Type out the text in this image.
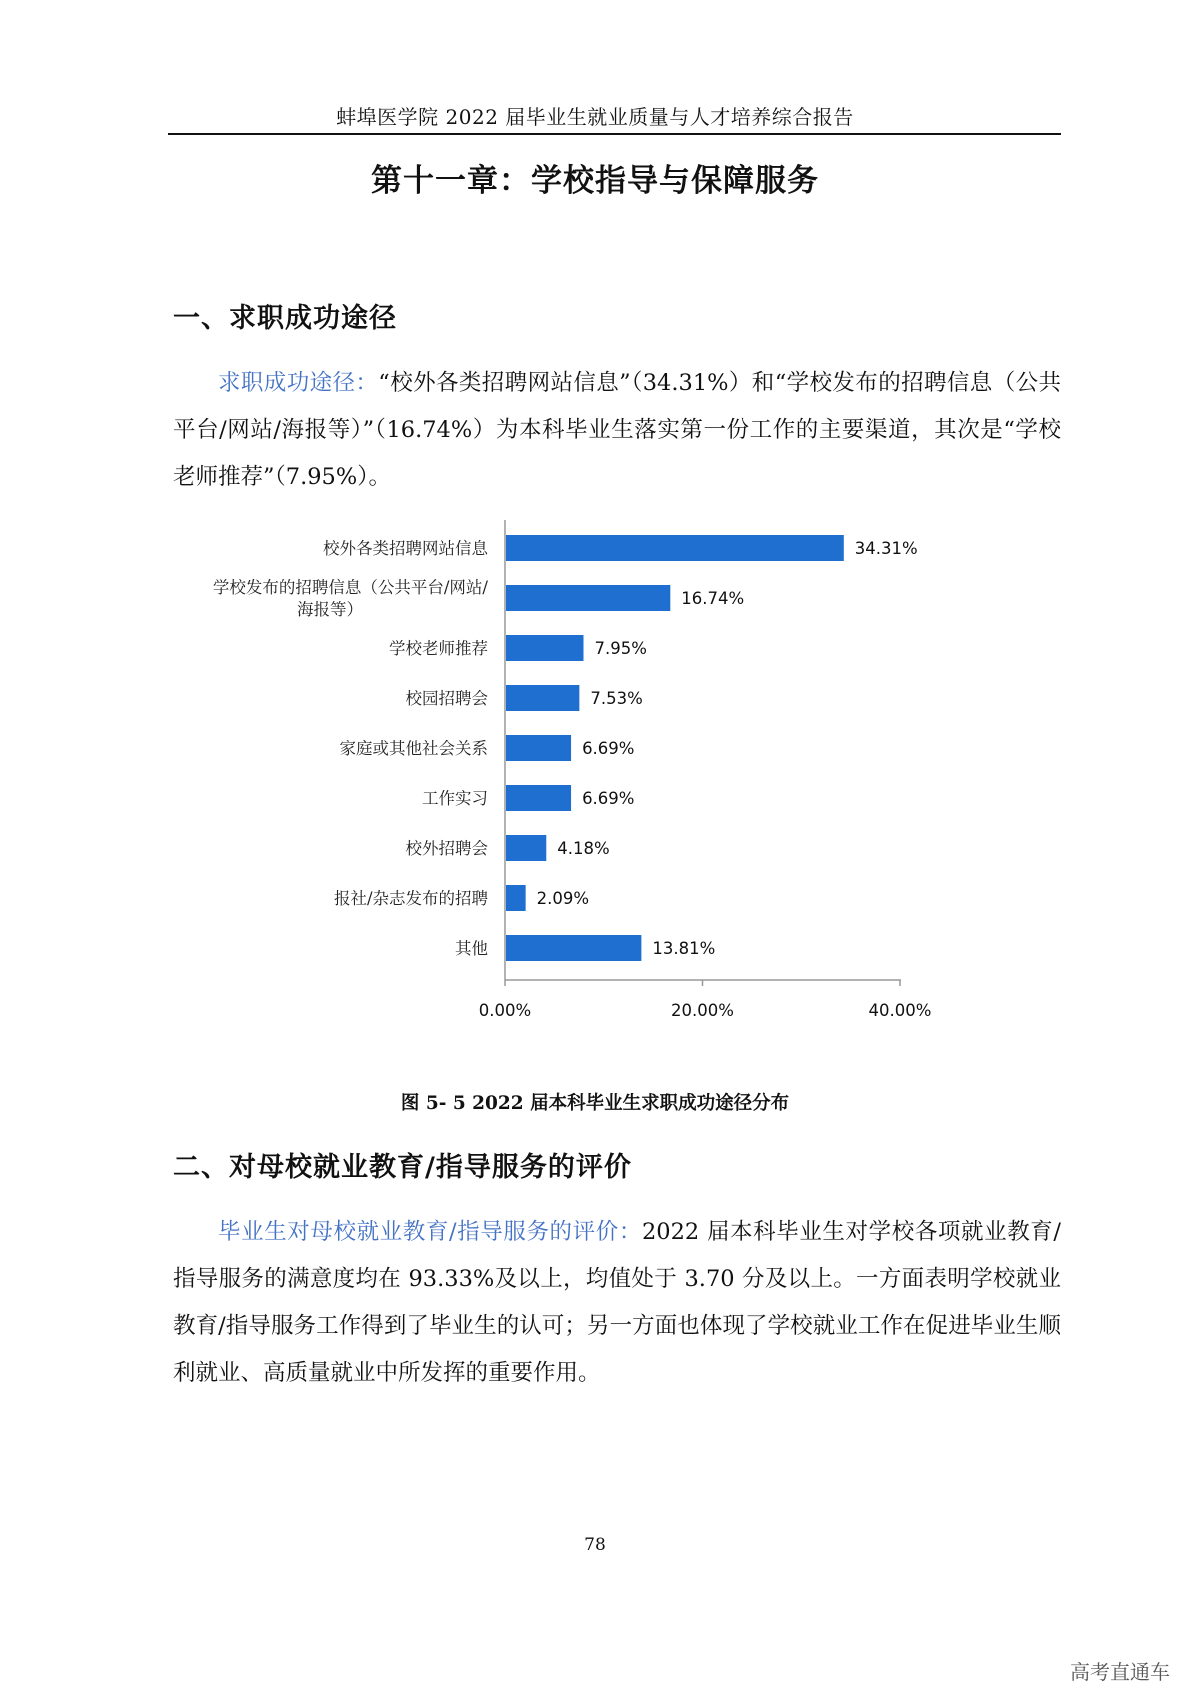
蚌埠医学院 2022 届毕业生就业质量与人才培养综合报告
第十一章：学校指导与保障服务
一、求职成功途径

求职成功途径：“校外各类招聘网站信息”（34.31%）和“学校发布的招聘信息（公共平台/网站/海报等）”（16.74%）为本科毕业生落实第一份工作的主要渠道，其次是“学校老师推荐”（7.95%）。

0.00%	20.00%	40.00%
34.31%
校外各类招聘网站信息
16.74%
学校发布的招聘信息（公共平台/网站/
海报等）
7.95%
学校老师推荐
7.53%
校园招聘会
6.69%
家庭或其他社会关系
6.69%
工作实习
4.18%
校外招聘会
2.09%
报社/杂志发布的招聘
13.81%
其他
图 5- 5 2022 届本科毕业生求职成功途径分布
二、对母校就业教育/指导服务的评价

毕业生对母校就业教育/指导服务的评价：2022 届本科毕业生对学校各项就业教育/指导服务的满意度均在 93.33%及以上，均值处于 3.70 分及以上。一方面表明学校就业教育/指导服务工作得到了毕业生的认可；另一方面也体现了学校就业工作在促进毕业生顺利就业、高质量就业中所发挥的重要作用。

78
高考直通车
